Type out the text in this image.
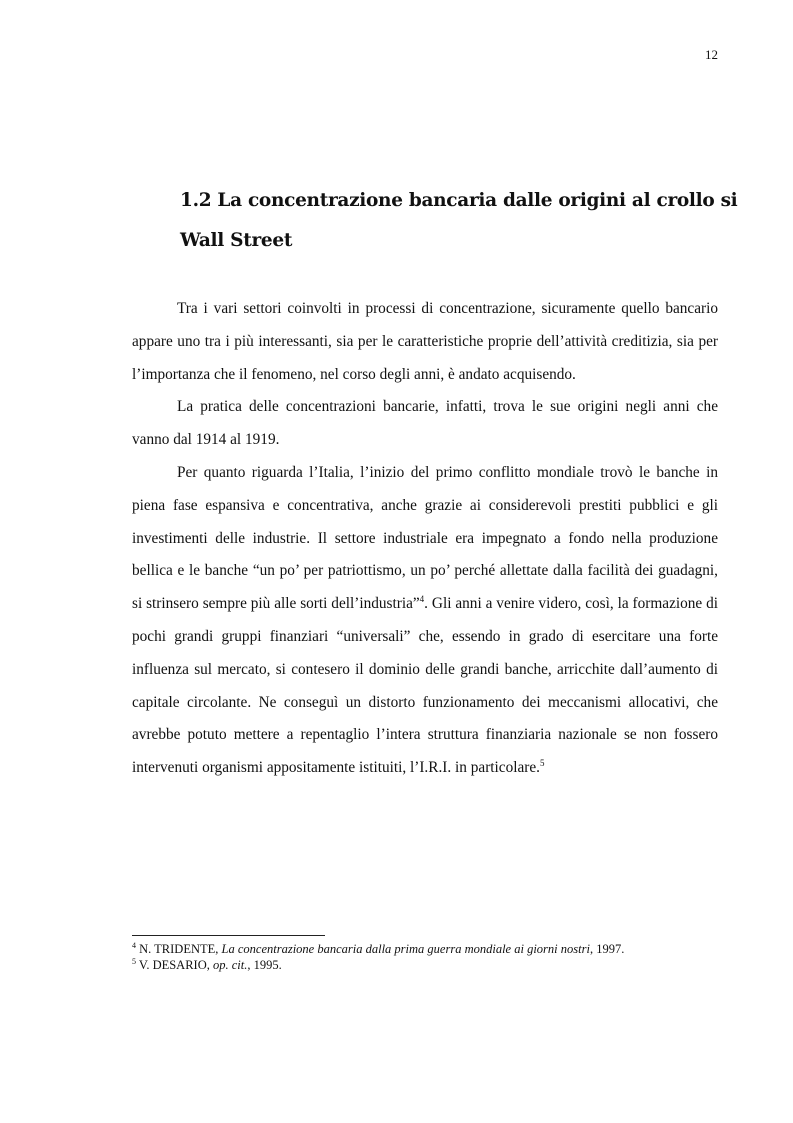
12
1.2 La concentrazione bancaria dalle origini al crollo si
Wall Street

Tra i vari settori coinvolti in processi di concentrazione, sicuramente quello bancario appare uno tra i più interessanti, sia per le caratteristiche proprie dell’attività creditizia, sia per l’importanza che il fenomeno, nel corso degli anni, è andato acquisendo.

La pratica delle concentrazioni bancarie, infatti, trova le sue origini negli anni che vanno dal 1914 al 1919.

Per quanto riguarda l’Italia, l’inizio del primo conflitto mondiale trovò le banche in piena fase espansiva e concentrativa, anche grazie ai considerevoli prestiti pubblici e gli investimenti delle industrie. Il settore industriale era impegnato a fondo nella produzione bellica e le banche “un po’ per patriottismo, un po’ perché allettate dalla facilità dei guadagni, si strinsero sempre più alle sorti dell’industria”$^4$. Gli anni a venire videro, così, la formazione di pochi grandi gruppi finanziari “universali” che, essendo in grado di esercitare una forte influenza sul mercato, si contesero il dominio delle grandi banche, arricchite dall’aumento di capitale circolante. Ne conseguì un distorto funzionamento dei meccanismi allocativi, che avrebbe potuto mettere a repentaglio l’intera struttura finanziaria nazionale se non fossero intervenuti organismi appositamente istituiti, l’I.R.I. in particolare.$^5$

$^4$ N. TRIDENTE, La concentrazione bancaria dalla prima guerra mondiale ai giorni nostri, 1997.
$^5$ V. DESARIO, op. cit., 1995.
